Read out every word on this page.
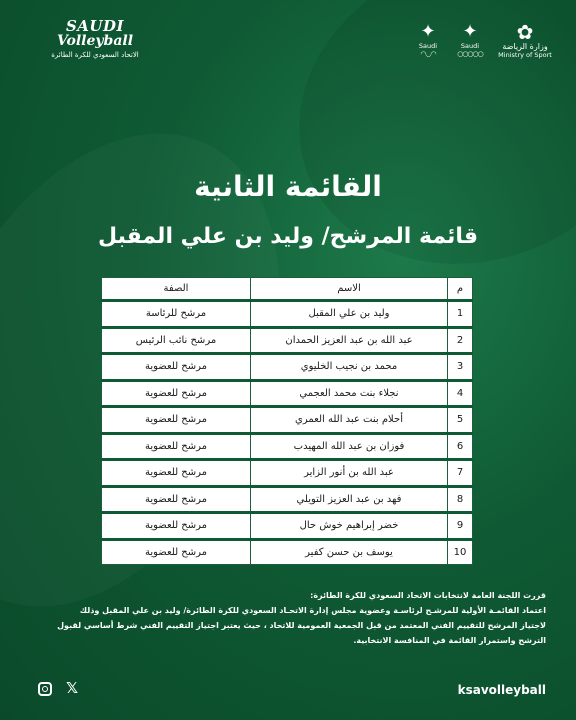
SAUDI
Volleyball
الاتحاد السعودي للكرة الطائرة
✦
Saudi
◠◡◠
✦
Saudi
○○○○○
✿
وزارة الرياضة
Ministry of Sport
القائمة الثانية
قائمة المرشح/ وليد بن علي المقبل
م	الاسم	الصفة
1	وليد بن علي المقبل	مرشح للرئاسة
2	عبد الله بن عبد العزيز الحمدان	مرشح نائب الرئيس
3	محمد بن نجيب الخليوي	مرشح للعضوية
4	نجلاء بنت محمد العجمي	مرشح للعضوية
5	أحلام بنت عبد الله العمري	مرشح للعضوية
6	فوزان بن عبد الله المهيدب	مرشح للعضوية
7	عبد الله بن أنور الزاير	مرشح للعضوية
8	فهد بن عبد العزيز التويلي	مرشح للعضوية
9	خضر إبراهيم خوش حال	مرشح للعضوية
10	يوسف بن حسن كفير	مرشح للعضوية
قررت اللجنة العامة لانتخابات الاتحاد السعودي للكرة الطائرة:
اعتماد القائمـة الأولية للمرشـح لرئاسـة وعضوية مجلس إدارة الاتحـاد السعودي للكرة الطائرة/ وليد بن علي المقبل وذلك
لاجتياز المرشح للتقييم الفني المعتمد من قبل الجمعية العمومية للاتحاد ، حيث يعتبر اجتياز التقييم الفني شرط أساسي لقبول
الترشح واستمرار القائمة في المنافسة الانتخابية.
𝕏	ksavolleyball
